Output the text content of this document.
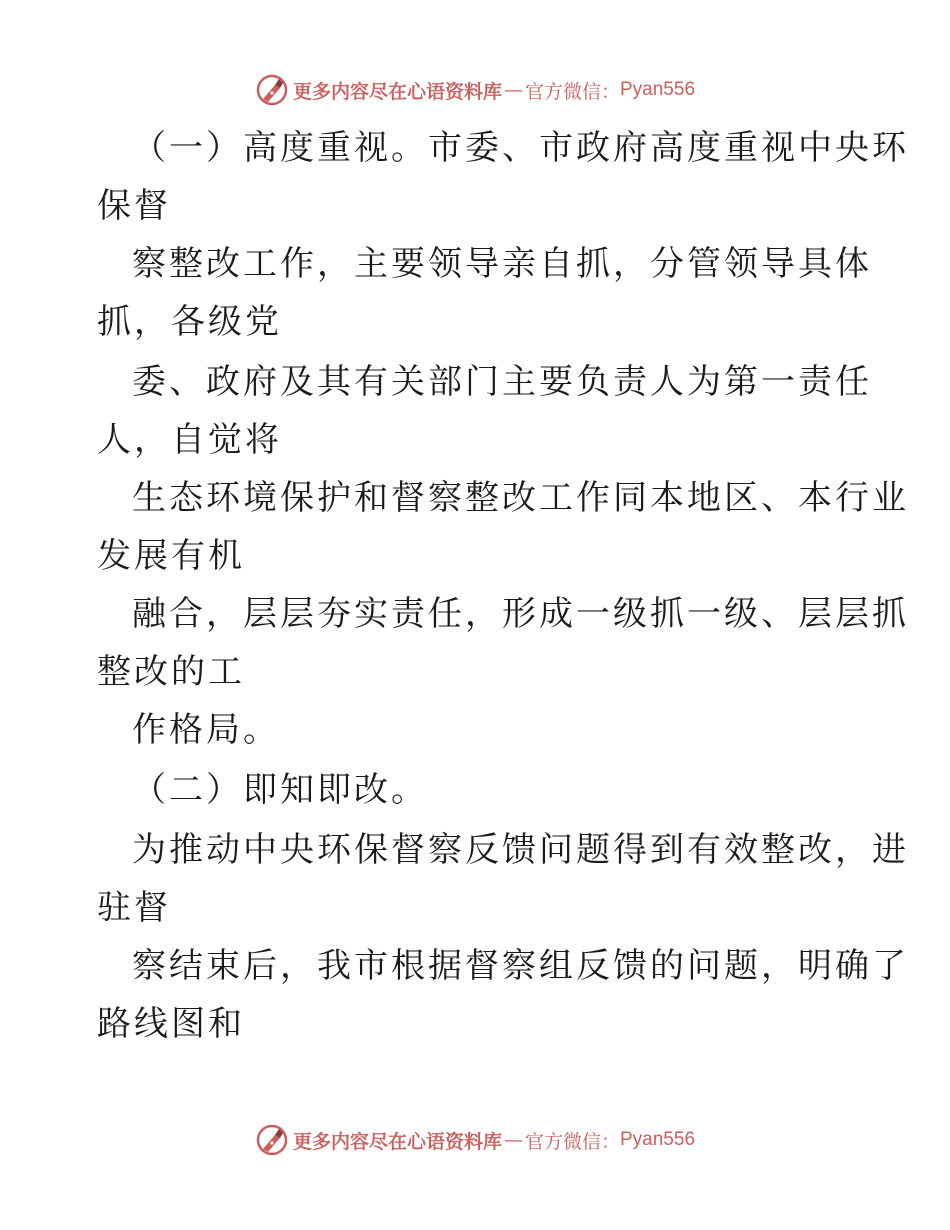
更多内容尽在心语资料库 — 官方微信： Pyan556
（一）高度重视。市委、市政府高度重视中央环
保督
察整改工作，主要领导亲自抓，分管领导具体
抓，各级党
委、政府及其有关部门主要负责人为第一责任
人，自觉将
生态环境保护和督察整改工作同本地区、本行业
发展有机
融合，层层夯实责任，形成一级抓一级、层层抓
整改的工
作格局。
（二）即知即改。
为推动中央环保督察反馈问题得到有效整改，进
驻督
察结束后，我市根据督察组反馈的问题，明确了
路线图和
更多内容尽在心语资料库 — 官方微信： Pyan556
